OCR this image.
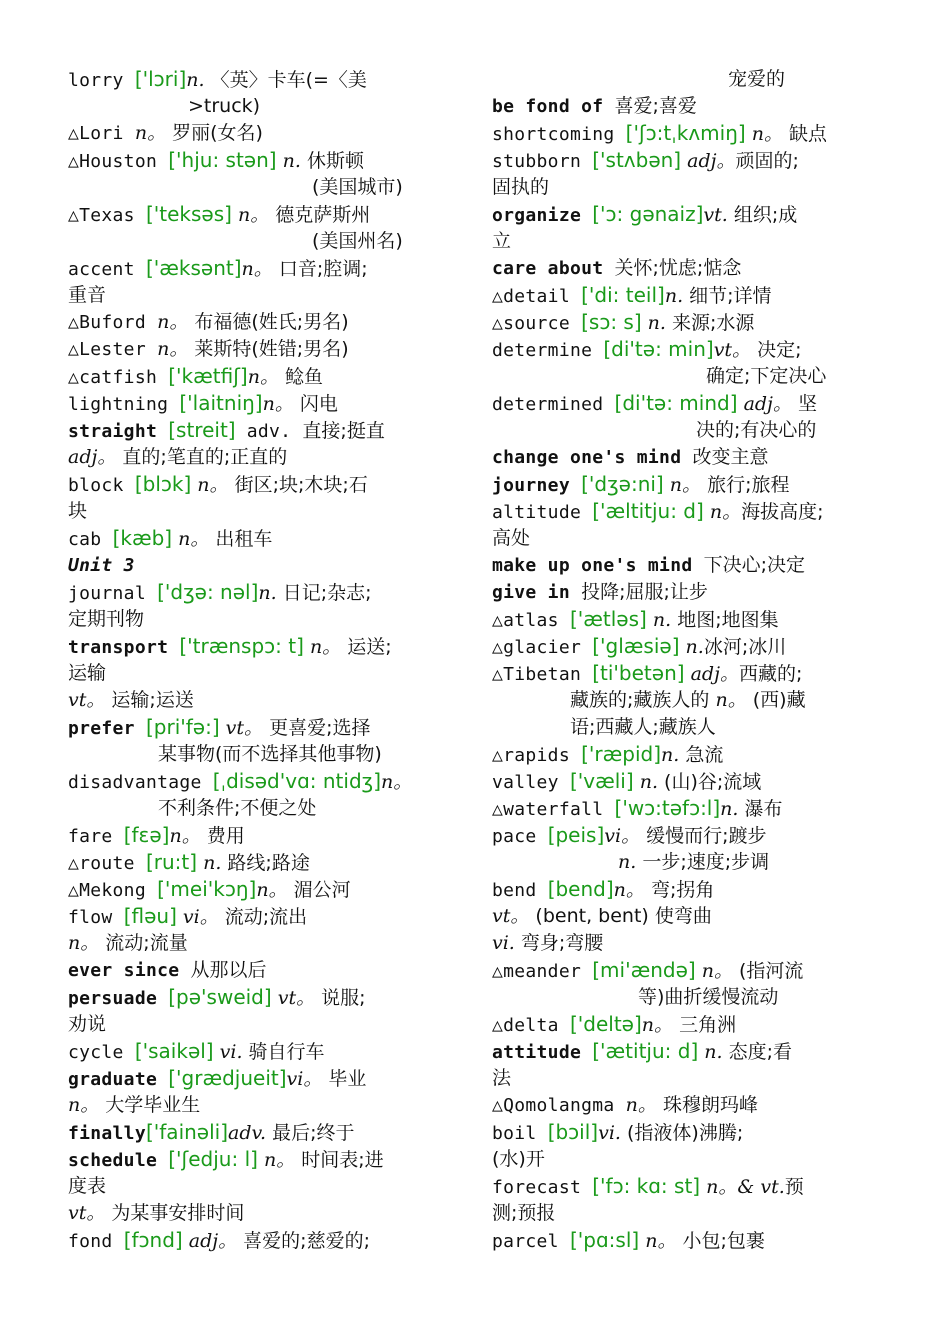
lorry ['lɔri]n. 〈英〉卡车(=〈美
>truck)
△Lori n。 罗丽(女名)
△Houston ['hju: stən] n. 休斯顿
(美国城市)
△Texas ['teksəs] n。 德克萨斯州
(美国州名)
accent ['æksənt]n。 口音;腔调;
重音
△Buford n。 布福德(姓氏;男名)
△Lester n。 莱斯特(姓错;男名)
△catfish ['kætfiʃ]n。 鲶鱼
lightning ['laitniŋ]n。 闪电
straight [streit] adv. 直接;挺直
adj。 直的;笔直的;正直的
block [blɔk] n。 街区;块;木块;石
块
cab [kæb] n。 出租车
Unit 3
journal ['dʒə: nəl]n. 日记;杂志;
定期刊物
transport ['trænspɔ: t] n。 运送;
运输
vt。 运输;运送
prefer [pri'fə:] vt。 更喜爱;选择
某事物(而不选择其他事物)
disadvantage [ˌdisəd'vɑ: ntidʒ]n。
不利条件;不便之处
fare [fɛə]n。 费用
△route [ru:t] n. 路线;路途
△Mekong ['mei'kɔŋ]n。 湄公河
flow [fləu] vi。 流动;流出
n。 流动;流量
ever since 从那以后
persuade [pə'sweid] vt。 说服;
劝说
cycle ['saikəl] vi. 骑自行车
graduate ['grædjueit]vi。 毕业
n。 大学毕业生
finally['fainəli]adv. 最后;终于
schedule ['ʃedju: l] n。 时间表;进
度表
vt。 为某事安排时间
fond [fɔnd] adj。 喜爱的;慈爱的;
宠爱的
be fond of 喜爱;喜爱
shortcoming ['ʃɔ:tˌkʌmiŋ] n。 缺点
stubborn ['stʌbən] adj。顽固的;
固执的
organize ['ɔ: gənaiz]vt. 组织;成
立
care about 关怀;忧虑;惦念
△detail ['di: teil]n. 细节;详情
△source [sɔ: s] n. 来源;水源
determine [di'tə: min]vt。 决定;
确定;下定决心
determined [di'tə: mind] adj。 坚
决的;有决心的
change one's mind 改变主意
journey ['dʒə:ni] n。 旅行;旅程
altitude ['æltitju: d] n。海拔高度;
高处
make up one's mind 下决心;决定
give in 投降;屈服;让步
△atlas ['ætləs] n. 地图;地图集
△glacier ['glæsiə] n.冰河;冰川
△Tibetan [ti'betən] adj。西藏的;
藏族的;藏族人的 n。 (西)藏
语;西藏人;藏族人
△rapids ['ræpid]n. 急流
valley ['væli] n. (山)谷;流域
△waterfall ['wɔ:təfɔ:l]n. 瀑布
pace [peis]vi。 缓慢而行;踱步
n. 一步;速度;步调
bend [bend]n。 弯;拐角
vt。 (bent, bent) 使弯曲
vi. 弯身;弯腰
△meander [mi'ændə] n。 (指河流
等)曲折缓慢流动
△delta ['deltə]n。 三角洲
attitude ['ætitju: d] n. 态度;看
法
△Qomolangma n。 珠穆朗玛峰
boil [bɔil]vi. (指液体)沸腾;
(水)开
forecast ['fɔ: kɑ: st] n。& vt.预
测;预报
parcel ['pɑ:sl] n。 小包;包裹
